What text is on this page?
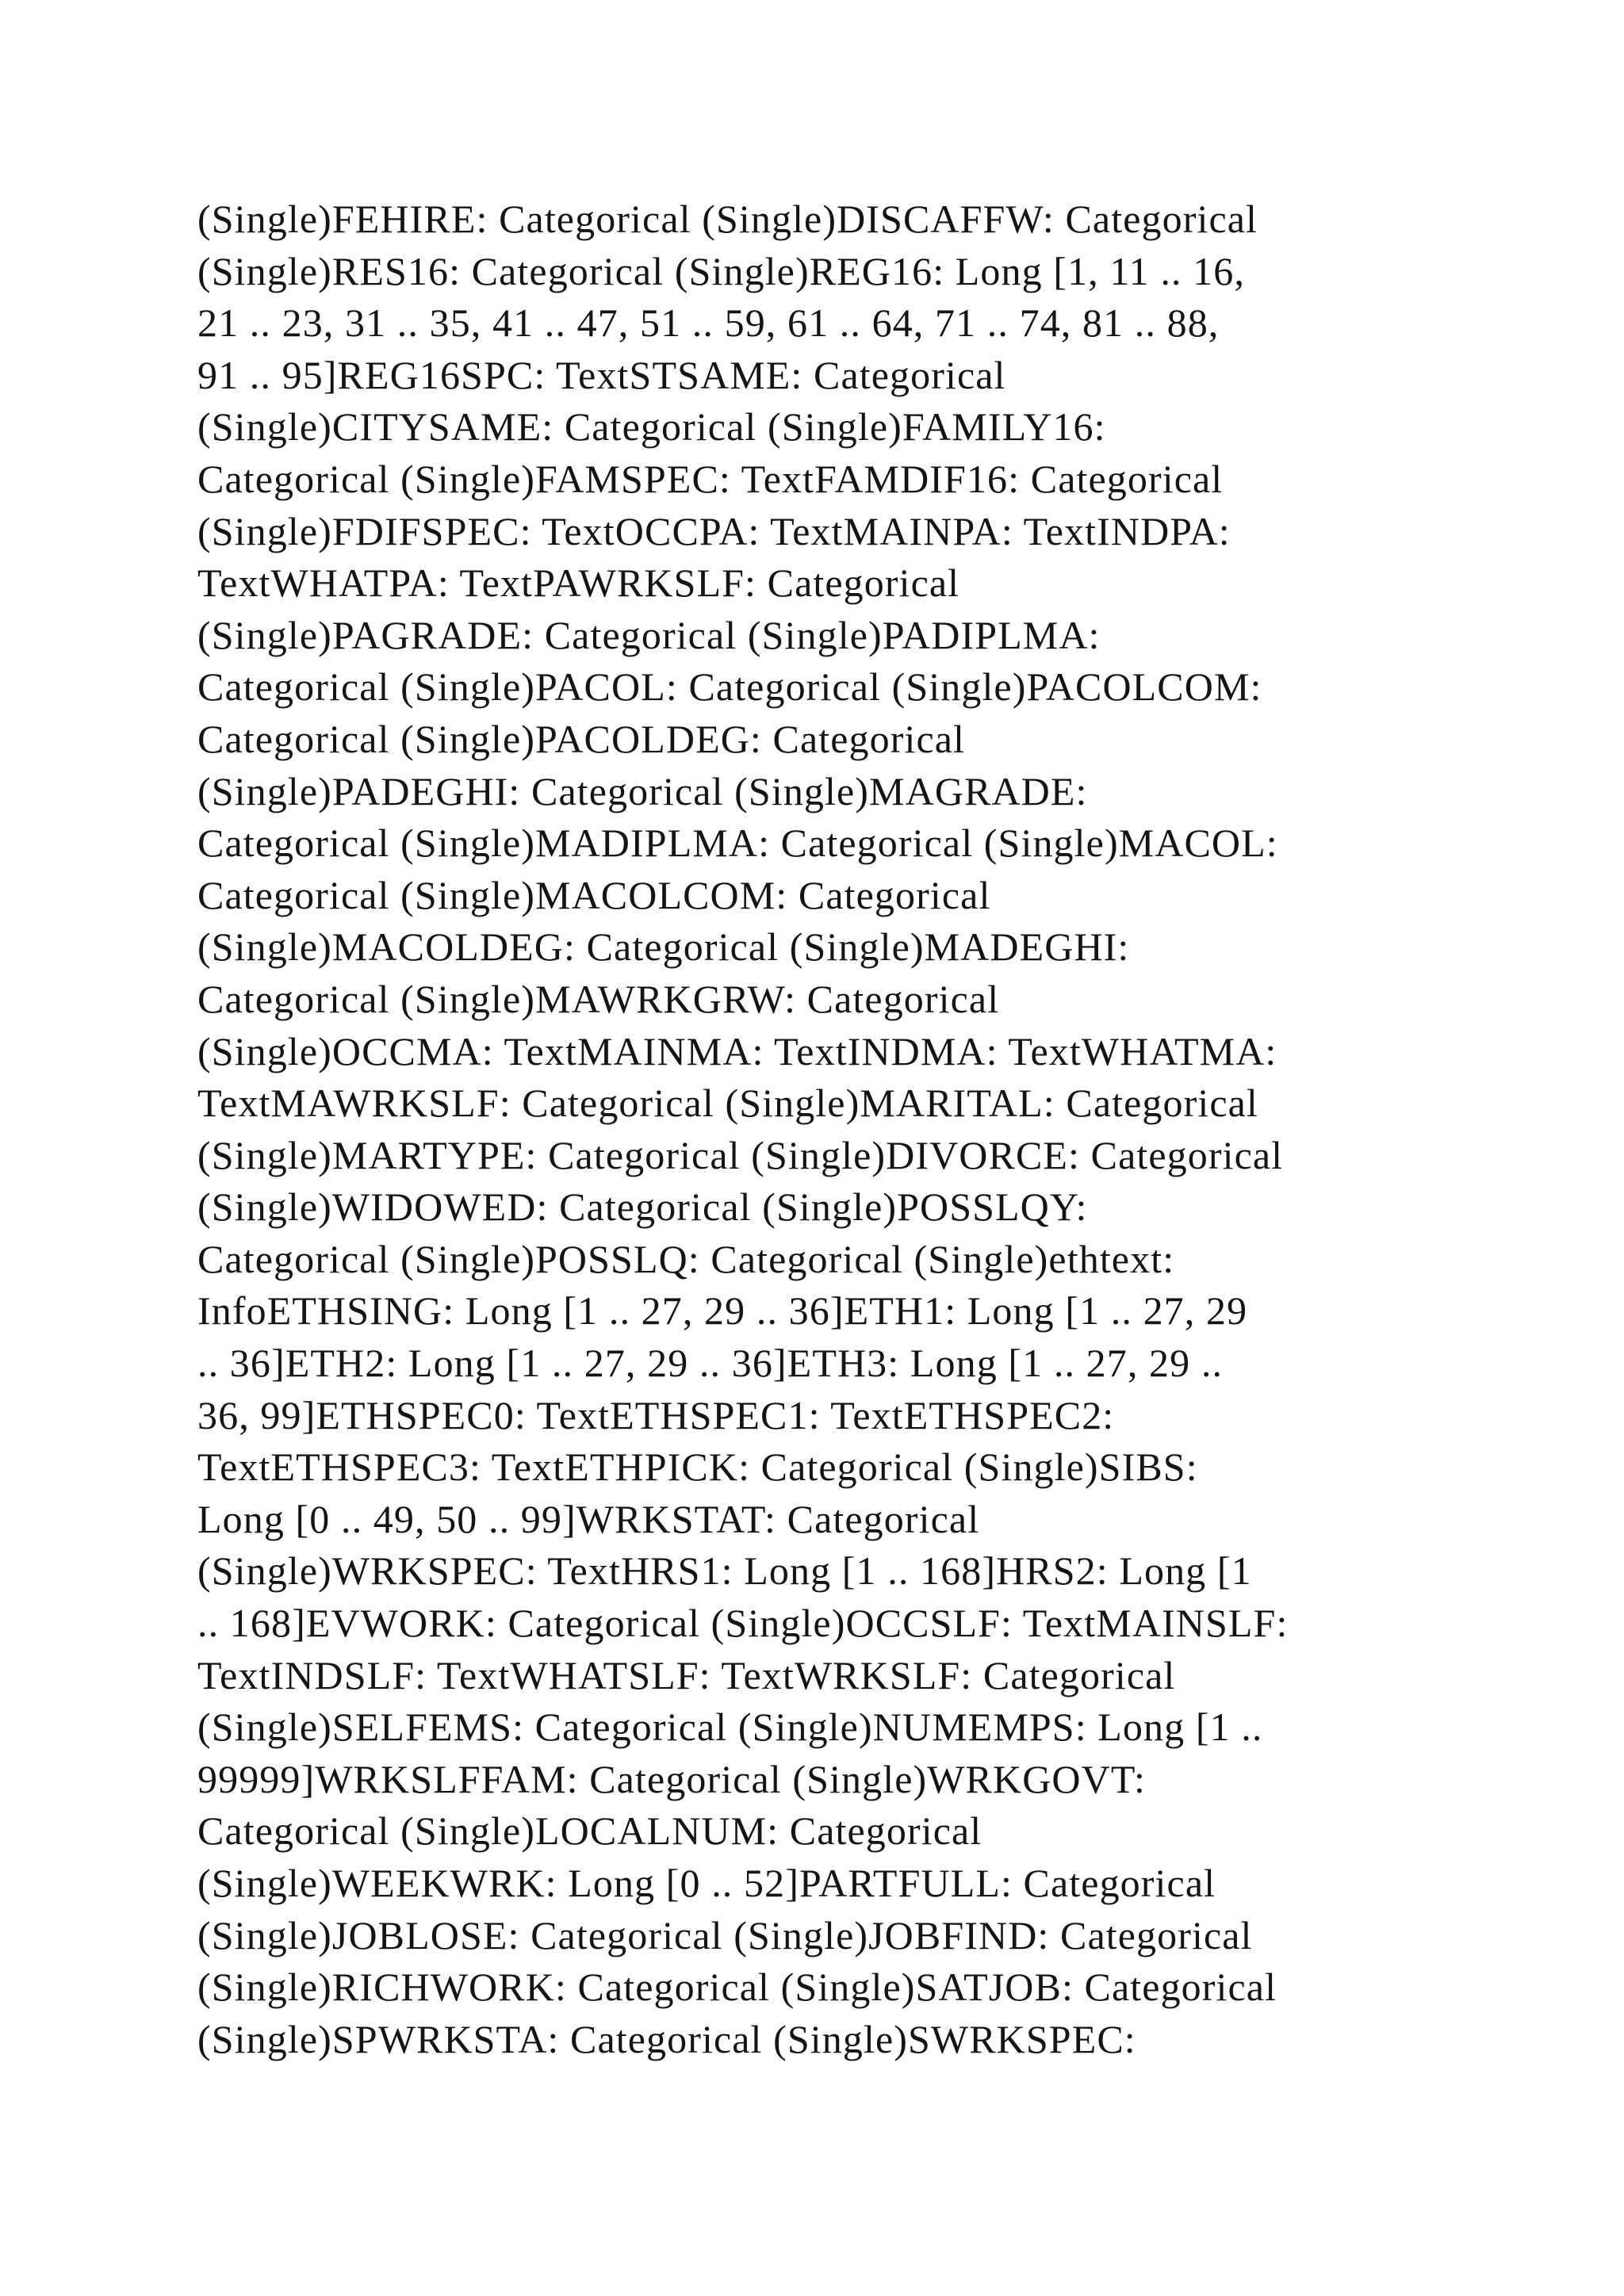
(Single)FEHIRE: Categorical (Single)DISCAFFW: Categorical
(Single)RES16: Categorical (Single)REG16: Long [1, 11 .. 16,
21 .. 23, 31 .. 35, 41 .. 47, 51 .. 59, 61 .. 64, 71 .. 74, 81 .. 88,
91 .. 95]REG16SPC: TextSTSAME: Categorical
(Single)CITYSAME: Categorical (Single)FAMILY16:
Categorical (Single)FAMSPEC: TextFAMDIF16: Categorical
(Single)FDIFSPEC: TextOCCPA: TextMAINPA: TextINDPA:
TextWHATPA: TextPAWRKSLF: Categorical
(Single)PAGRADE: Categorical (Single)PADIPLMA:
Categorical (Single)PACOL: Categorical (Single)PACOLCOM:
Categorical (Single)PACOLDEG: Categorical
(Single)PADEGHI: Categorical (Single)MAGRADE:
Categorical (Single)MADIPLMA: Categorical (Single)MACOL:
Categorical (Single)MACOLCOM: Categorical
(Single)MACOLDEG: Categorical (Single)MADEGHI:
Categorical (Single)MAWRKGRW: Categorical
(Single)OCCMA: TextMAINMA: TextINDMA: TextWHATMA:
TextMAWRKSLF: Categorical (Single)MARITAL: Categorical
(Single)MARTYPE: Categorical (Single)DIVORCE: Categorical
(Single)WIDOWED: Categorical (Single)POSSLQY:
Categorical (Single)POSSLQ: Categorical (Single)ethtext:
InfoETHSING: Long [1 .. 27, 29 .. 36]ETH1: Long [1 .. 27, 29
.. 36]ETH2: Long [1 .. 27, 29 .. 36]ETH3: Long [1 .. 27, 29 ..
36, 99]ETHSPEC0: TextETHSPEC1: TextETHSPEC2:
TextETHSPEC3: TextETHPICK: Categorical (Single)SIBS:
Long [0 .. 49, 50 .. 99]WRKSTAT: Categorical
(Single)WRKSPEC: TextHRS1: Long [1 .. 168]HRS2: Long [1
.. 168]EVWORK: Categorical (Single)OCCSLF: TextMAINSLF:
TextINDSLF: TextWHATSLF: TextWRKSLF: Categorical
(Single)SELFEMS: Categorical (Single)NUMEMPS: Long [1 ..
99999]WRKSLFFAM: Categorical (Single)WRKGOVT:
Categorical (Single)LOCALNUM: Categorical
(Single)WEEKWRK: Long [0 .. 52]PARTFULL: Categorical
(Single)JOBLOSE: Categorical (Single)JOBFIND: Categorical
(Single)RICHWORK: Categorical (Single)SATJOB: Categorical
(Single)SPWRKSTA: Categorical (Single)SWRKSPEC:
